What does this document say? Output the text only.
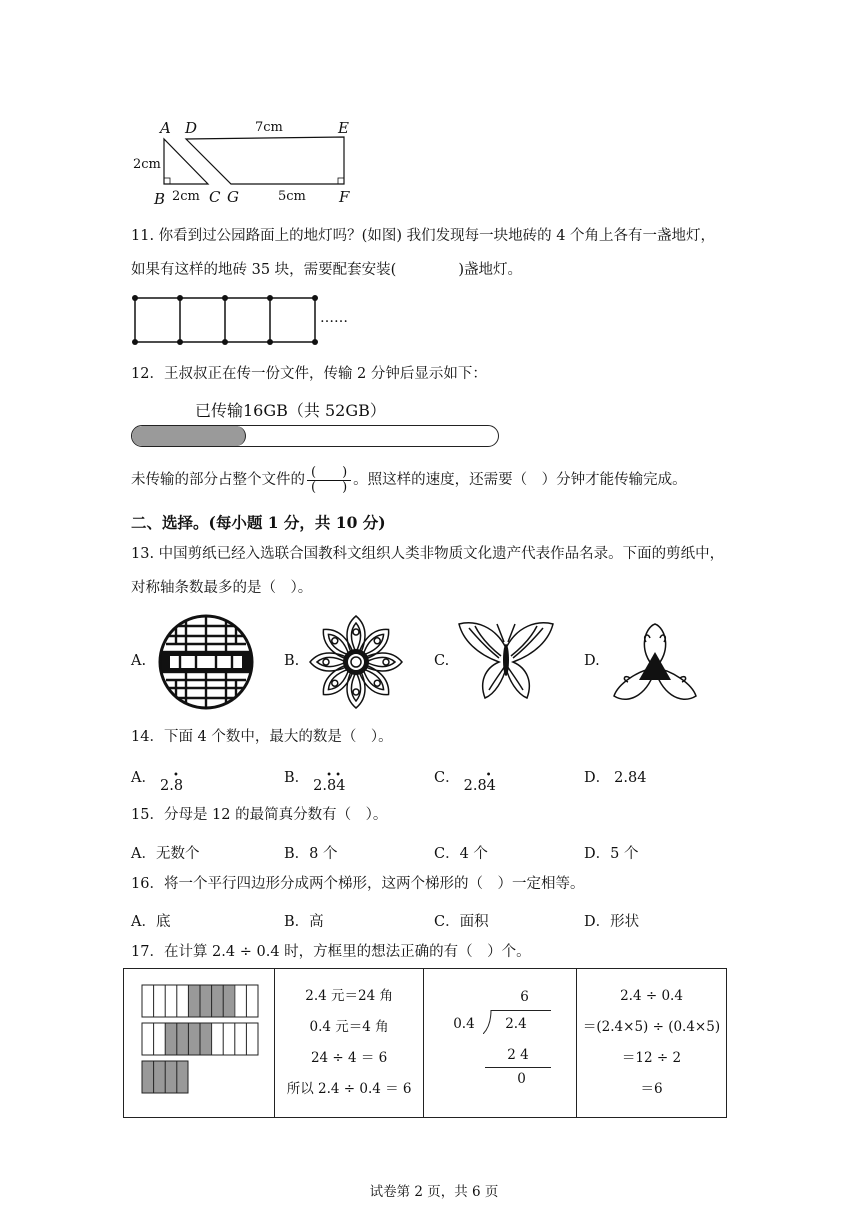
A D	E
B	C G	F
7cm
2cm
2cm	5cm
11. 你看到过公园路面上的地灯吗？(如图) 我们发现每一块地砖的 4 个角上各有一盏地灯，
如果有这样的地砖 35 块，需要配套安装(	)盏地灯。
……
12．王叔叔正在传一份文件，传输 2 分钟后显示如下：
已传输16GB（共 52GB）
未传输的部分占整个文件的 $\frac{( )}{( )}$ 。照这样的速度，还需要（　）分钟才能传输完成。
二、选择。(每小题 1 分，共 10 分)
13. 中国剪纸已经入选联合国教科文组织人类非物质文化遗产代表作品名录。下面的剪纸中，
对称轴条数最多的是（　）。
A.	B.	C.	D.
14．下面 4 个数中，最大的数是（　）。
A． 2.8
•	B． 2.84
• •	C． 2.84
•	D． 2.84
15．分母是 12 的最简真分数有（　）。
A．无数个	B．8 个	C．4 个	D．5 个
16．将一个平行四边形分成两个梯形，这两个梯形的（　）一定相等。
A．底	B．高	C．面积	D．形状
17．在计算 2.4 ÷ 0.4 时，方框里的想法正确的有（　）个。

2.4 元＝24 角
0.4 元＝4 角
24 ÷ 4 ＝ 6
所以 2.4 ÷ 0.4 ＝ 6

6
0.4 2.4
2 4
0

2.4 ÷ 0.4
＝(2.4×5) ÷ (0.4×5)
＝12 ÷ 2
＝6
试卷第 2 页，共 6 页
